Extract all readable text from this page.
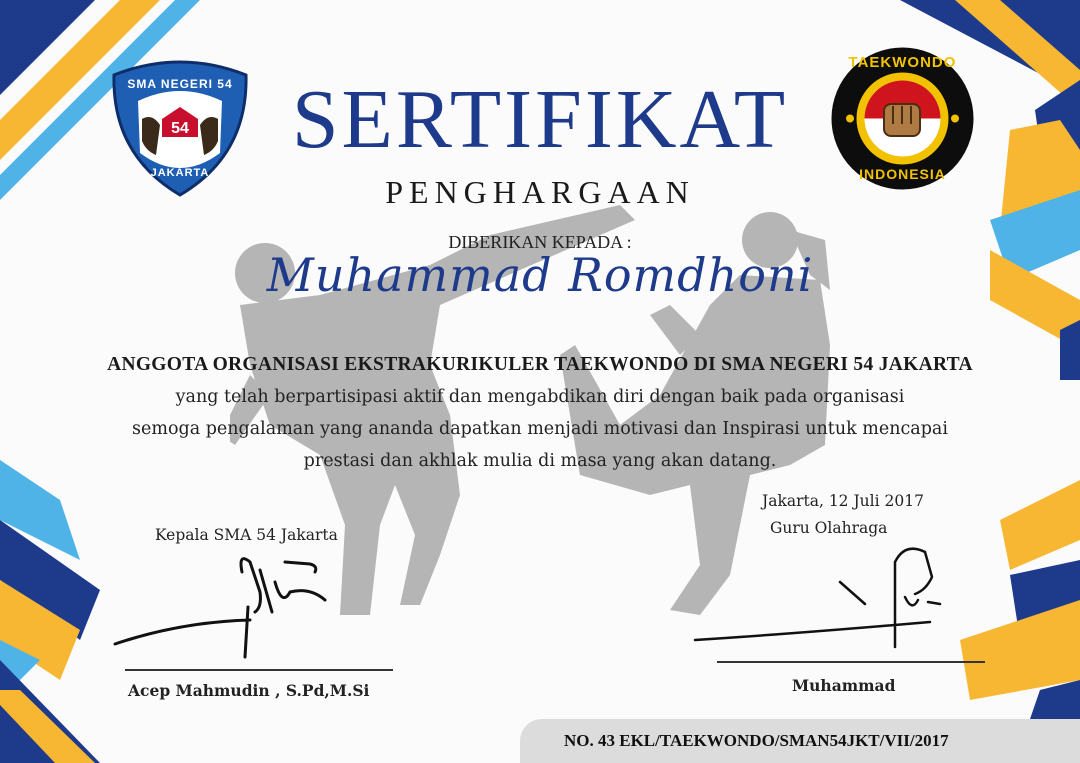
54
SMA NEGERI 54
JAKARTA
TAEKWONDO
INDONESIA
SERTIFIKAT
PENGHARGAAN
DIBERIKAN KEPADA :
Muhammad Romdhoni
ANGGOTA ORGANISASI EKSTRAKURIKULER TAEKWONDO DI SMA NEGERI 54 JAKARTA
yang telah berpartisipasi aktif dan mengabdikan diri dengan baik pada organisasi
semoga pengalaman yang ananda dapatkan menjadi motivasi dan Inspirasi untuk mencapai
prestasi dan akhlak mulia di masa yang akan datang.
Kepala SMA 54 Jakarta
Acep Mahmudin , S.Pd,M.Si
Jakarta, 12 Juli 2017
Guru Olahraga
Muhammad
NO. 43 EKL/TAEKWONDO/SMAN54JKT/VII/2017
